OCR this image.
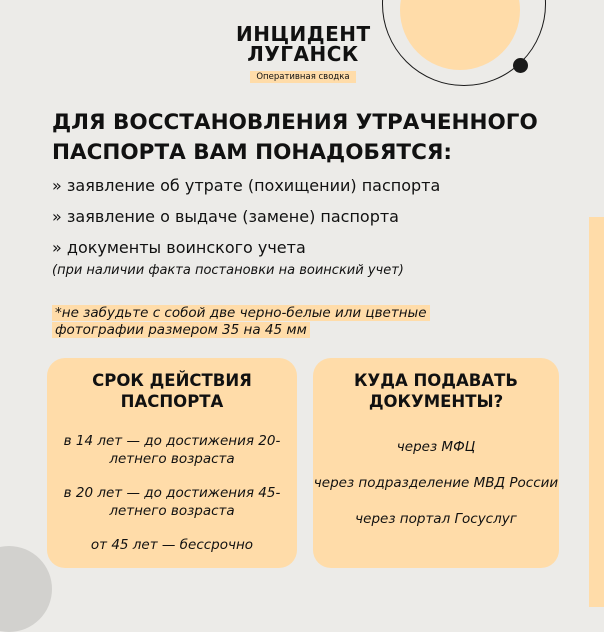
ИНЦИДЕНТ
ЛУГАНСК
Оперативная сводка
ДЛЯ ВОССТАНОВЛЕНИЯ УТРАЧЕННОГО ПАСПОРТА ВАМ ПОНАДОБЯТСЯ:
» заявление об утрате (похищении) паспорта
» заявление о выдаче (замене) паспорта
» документы воинского учета
(при наличии факта постановки на воинский учет)
*не забудьте с собой две черно-белые или цветные
фотографии размером 35 на 45 мм
СРОК ДЕЙСТВИЯ ПАСПОРТА
в 14 лет — до достижения 20-летнего возраста
в 20 лет — до достижения 45-летнего возраста
от 45 лет — бессрочно
КУДА ПОДАВАТЬ ДОКУМЕНТЫ?
через МФЦ
через подразделение МВД России
через портал Госуслуг
